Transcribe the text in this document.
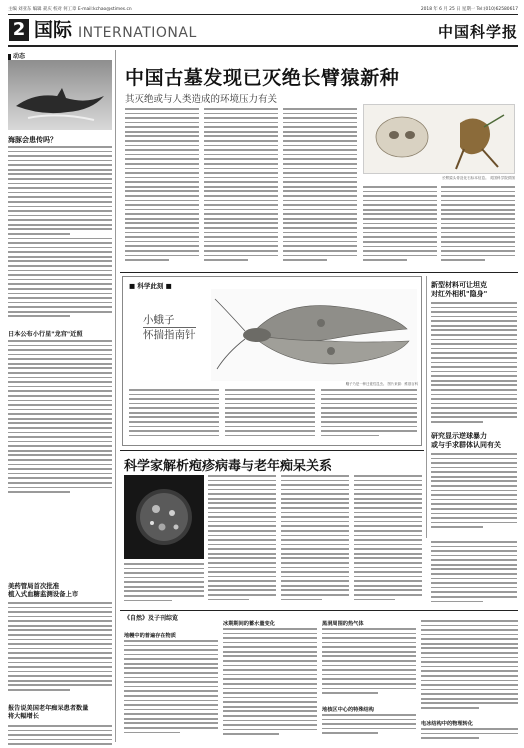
主编 刘亚东 编辑 聂庆 校对 何工章 E-mail:kchao@stimes.cn	2018 年 6 月 25 日 星期一 Tel:(010)62580617
2 国际 INTERNATIONAL	中国科学报
动态
海豚会患传吗？
日本公布小行星"龙宫"近照
美药管局首次批准
植入式血糖监测设备上市
报告说美国老年痴呆患者数量
将大幅增长
中国古墓发现已灭绝长臂猿新种
其灭绝或与人类造成的环境压力有关
长臂猿头骨及化石标本信息。 英国科学院供图
■ 科学此刻 ■
小蛾子
怀揣指南针
蛾子乃是一种迁徙性昆虫。 图片来源：维基百科
新型材料可让坦克
对红外相机"隐身"
研究显示逆球暴力
或与手求群体认同有关
科学家解析疱疹病毒与老年痴呆关系
《自然》及子刊综览
地幔中的普遍存在物质
冰期期间的蓄水量变化	黑洞周围的热气体
地核区中心的特殊结构
电冰结构中的物理转化
